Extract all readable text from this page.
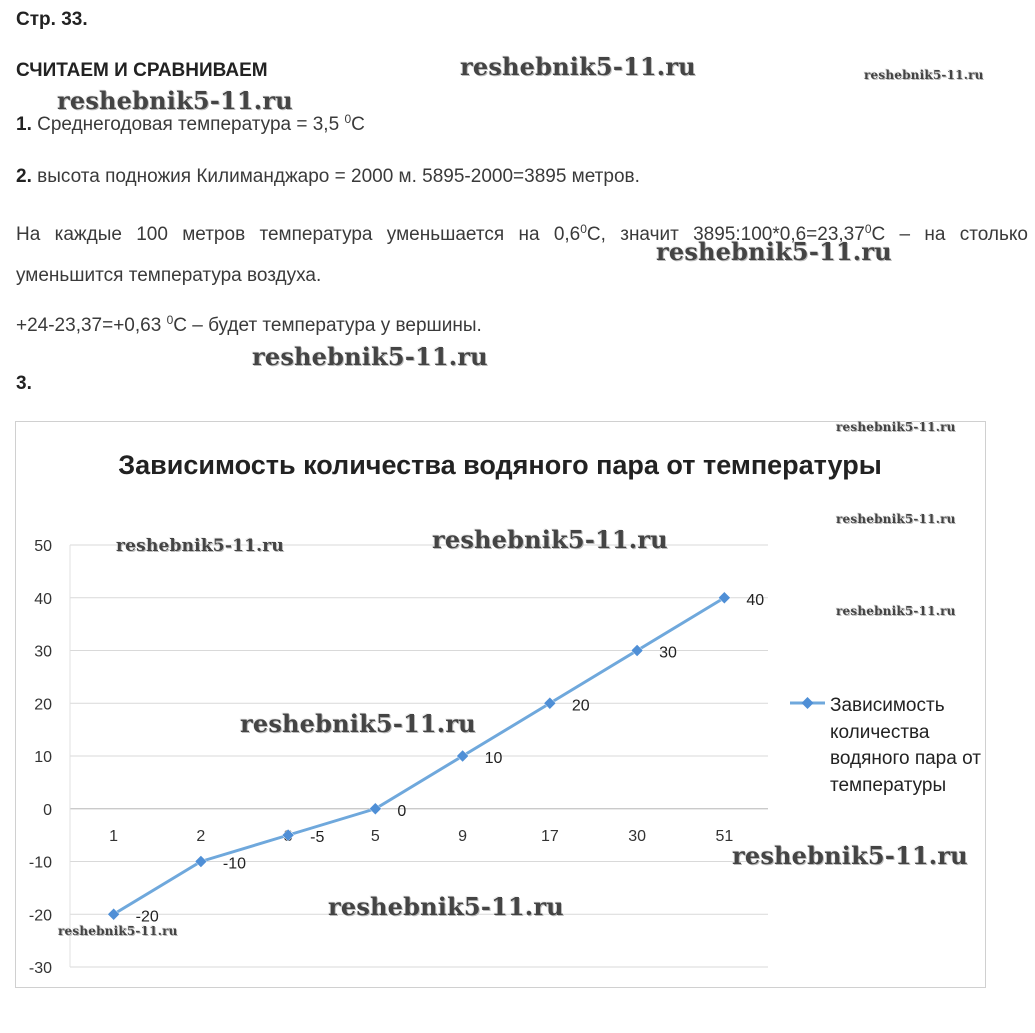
Стр. 33.
СЧИТАЕМ И СРАВНИВАЕМ
1. Среднегодовая температура = 3,5 $^0$С
2. высота подножия Килиманджаро = 2000 м. 5895-2000=3895 метров.
На каждые 100 метров температура уменьшается на $0,6^0С$, значит $3895:100*0,6=23,37^0С$ – на столько уменьшится температура воздуха.
+24-23,37=+0,63 $^0$С – будет температура у вершины.
3.
Зависимость количества водяного пара от температуры
50
40
30
20
10
0
-10
-20
-30
1	2	5	9	17	30	51
-20
-10
-5
0
10
20
30
40
Зависимость количества водяного пара от температуры
reshebnik5-11.ru	reshebnik5-11.ru
reshebnik5-11.ru
reshebnik5-11.ru
reshebnik5-11.ru
reshebnik5-11.ru
reshebnik5-11.ru
reshebnik5-11.ru
reshebnik5-11.ru
reshebnik5-11.ru
reshebnik5-11.ru
reshebnik5-11.ru
reshebnik5-11.ru
reshebnik5-11.ru
